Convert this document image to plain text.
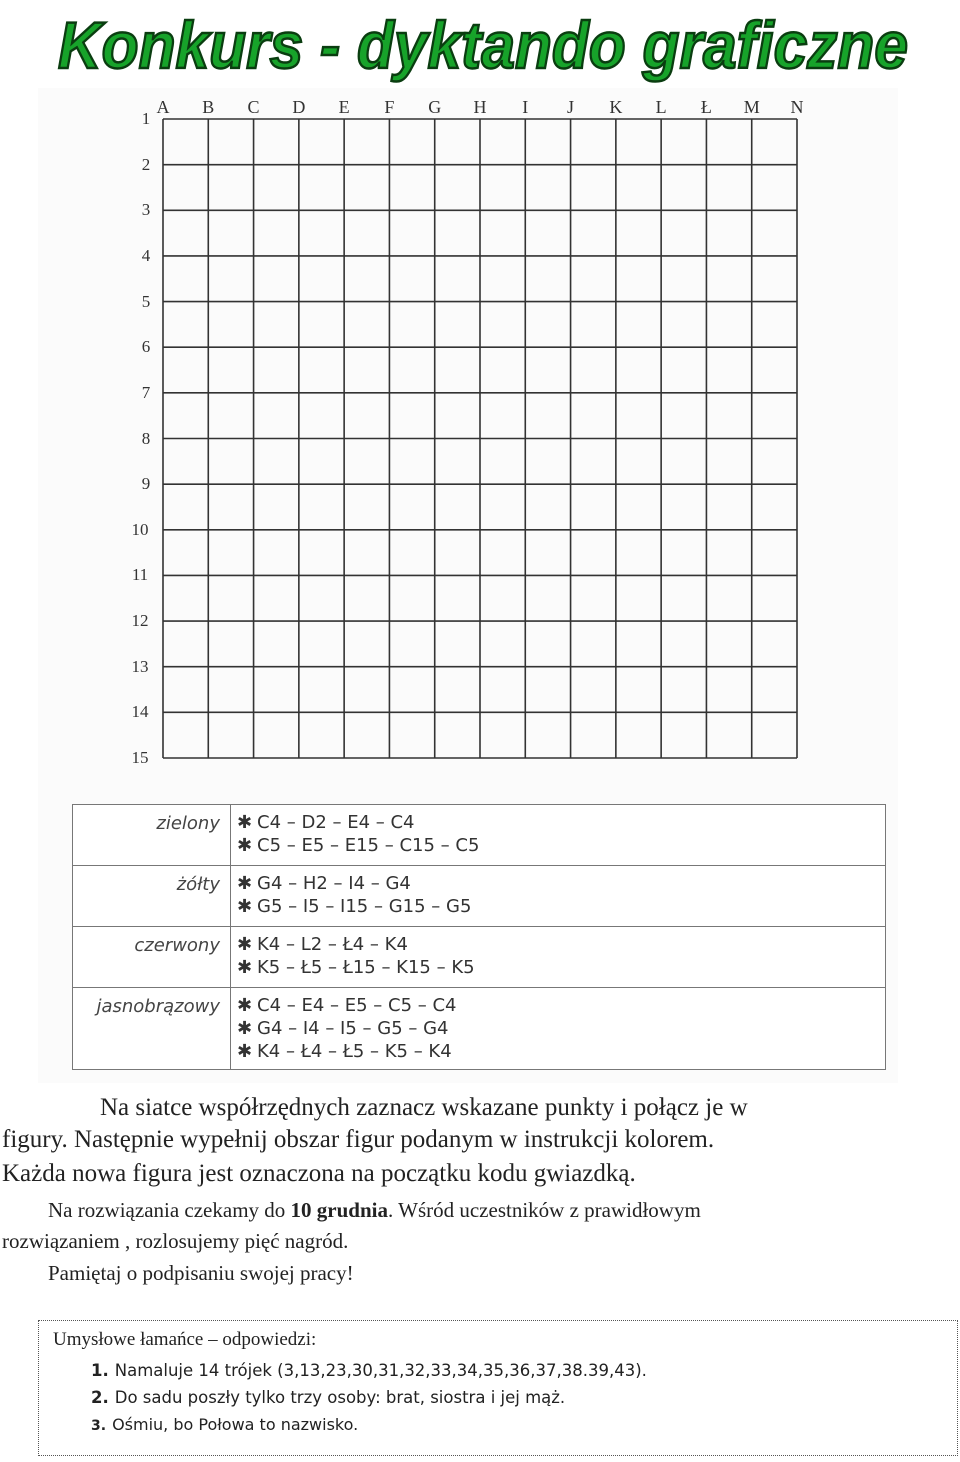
Konkurs - dyktando graficzne
A	B	C	D	E	F	G	H	I	J	K	L	Ł	M	N
1
2
3
4
5
6
7
8
9
10
11
12
13
14
15
zielony ✱ C4 – D2 – E4 – C4
✱ C5 – E5 – E15 – C15 – C5
żółty ✱ G4 – H2 – I4 – G4
✱ G5 – I5 – I15 – G15 – G5
czerwony ✱ K4 – L2 – Ł4 – K4
✱ K5 – Ł5 – Ł15 – K15 – K5
jasnobrązowy ✱ C4 – E4 – E5 – C5 – C4
✱ G4 – I4 – I5 – G5 – G4
✱ K4 – Ł4 – Ł5 – K5 – K4
Na siatce współrzędnych zaznacz wskazane punkty i połącz je w
figury. Następnie wypełnij obszar figur podanym w instrukcji kolorem.
Każda nowa figura jest oznaczona na początku kodu gwiazdką.
Na rozwiązania czekamy do 10 grudnia. Wśród uczestników z prawidłowym
rozwiązaniem , rozlosujemy pięć nagród.
Pamiętaj o podpisaniu swojej pracy!
Umysłowe łamańce – odpowiedzi:
1. Namaluje 14 trójek (3,13,23,30,31,32,33,34,35,36,37,38.39,43).
2. Do sadu poszły tylko trzy osoby: brat, siostra i jej mąż.
3. Ośmiu, bo Połowa to nazwisko.
